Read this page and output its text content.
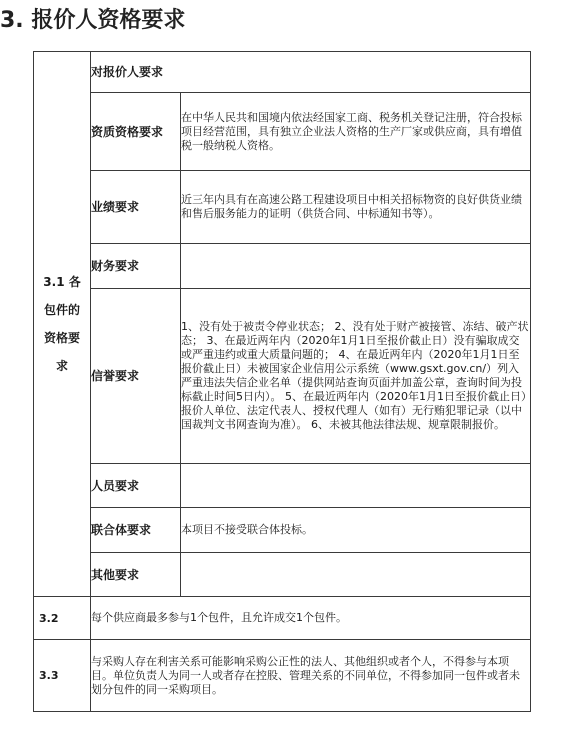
3. 报价人资格要求
3.1 各包件的资格要求	对报价人要求	
	资质资格要求	在中华人民共和国境内依法经国家工商、税务机关登记注册，符合投标项目经营范围，具有独立企业法人资格的生产厂家或供应商，具有增值税一般纳税人资格。
	业绩要求	近三年内具有在高速公路工程建设项目中相关招标物资的良好供货业绩和售后服务能力的证明（供货合同、中标通知书等）。
	财务要求	
	信誉要求	1、没有处于被责令停业状态； 2、没有处于财产被接管、冻结、破产状态； 3、在最近两年内（2020年1月1日至报价截止日）没有骗取成交或严重违约或重大质量问题的； 4、在最近两年内（2020年1月1日至报价截止日）未被国家企业信用公示系统（www.gsxt.gov.cn/）列入严重违法失信企业名单（提供网站查询页面并加盖公章，查询时间为投标截止时间5日内）。 5、在最近两年内（2020年1月1日至报价截止日）报价人单位、法定代表人、授权代理人（如有）无行贿犯罪记录（以中国裁判文书网查询为准）。 6、未被其他法律法规、规章限制报价。
	人员要求	
	联合体要求	本项目不接受联合体投标。
	其他要求	
3.2	每个供应商最多参与1个包件，且允许成交1个包件。	
3.3	与采购人存在利害关系可能影响采购公正性的法人、其他组织或者个人，不得参与本项目。单位负责人为同一人或者存在控股、管理关系的不同单位，不得参加同一包件或者未划分包件的同一采购项目。	
